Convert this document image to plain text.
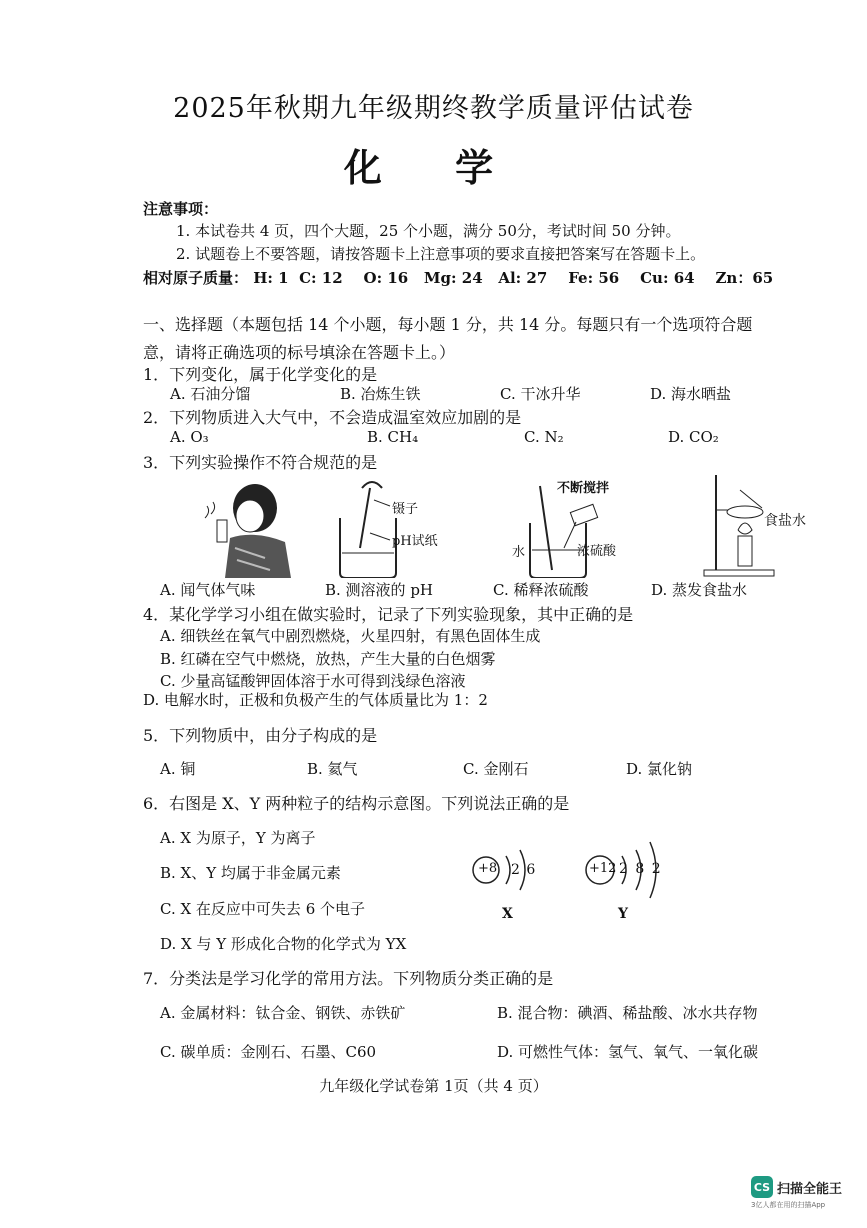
2025年秋期九年级期终教学质量评估试卷
化 学
注意事项：
1. 本试卷共 4 页，四个大题，25 个小题，满分 50分，考试时间 50 分钟。
2. 试题卷上不要答题，请按答题卡上注意事项的要求直接把答案写在答题卡上。
相对原子质量： H: 1 C: 12 O: 16 Mg: 24 Al: 27 Fe: 56 Cu: 64 Zn：65
一、选择题（本题包括 14 个小题，每小题 1 分，共 14 分。每题只有一个选项符合题
意，请将正确选项的标号填涂在答题卡上。）
1．下列变化，属于化学变化的是
A. 石油分馏	B. 冶炼生铁	C. 干冰升华	D. 海水晒盐
2．下列物质进入大气中，不会造成温室效应加剧的是
A. O₃	B. CH₄	C. N₂	D. CO₂
3．下列实验操作不符合规范的是
镊子
pH试纸
不断搅拌
水	浓硫酸
食盐水
A. 闻气体气味	B. 测溶液的 pH	C. 稀释浓硫酸	D. 蒸发食盐水
4．某化学学习小组在做实验时，记录了下列实验现象，其中正确的是
A. 细铁丝在氧气中剧烈燃烧，火星四射，有黑色固体生成
B. 红磷在空气中燃烧，放热，产生大量的白色烟雾
C. 少量高锰酸钾固体溶于水可得到浅绿色溶液
D. 电解水时，正极和负极产生的气体质量比为 1：2
5．下列物质中，由分子构成的是
A. 铜	B. 氦气	C. 金刚石	D. 氯化钠
6．右图是 X、Y 两种粒子的结构示意图。下列说法正确的是
A. X 为原子，Y 为离子
B. X、Y 均属于非金属元素
C. X 在反应中可失去 6 个电子
D. X 与 Y 形成化合物的化学式为 YX
+8 2 6
X
+12 2 8 2
Y
7．分类法是学习化学的常用方法。下列物质分类正确的是
A. 金属材料：钛合金、钢铁、赤铁矿	B. 混合物：碘酒、稀盐酸、冰水共存物
C. 碳单质：金刚石、石墨、C60	D. 可燃性气体：氢气、氧气、一氧化碳
九年级化学试卷第 1页（共 4 页）
CS 扫描全能王
3亿人都在用的扫描App
